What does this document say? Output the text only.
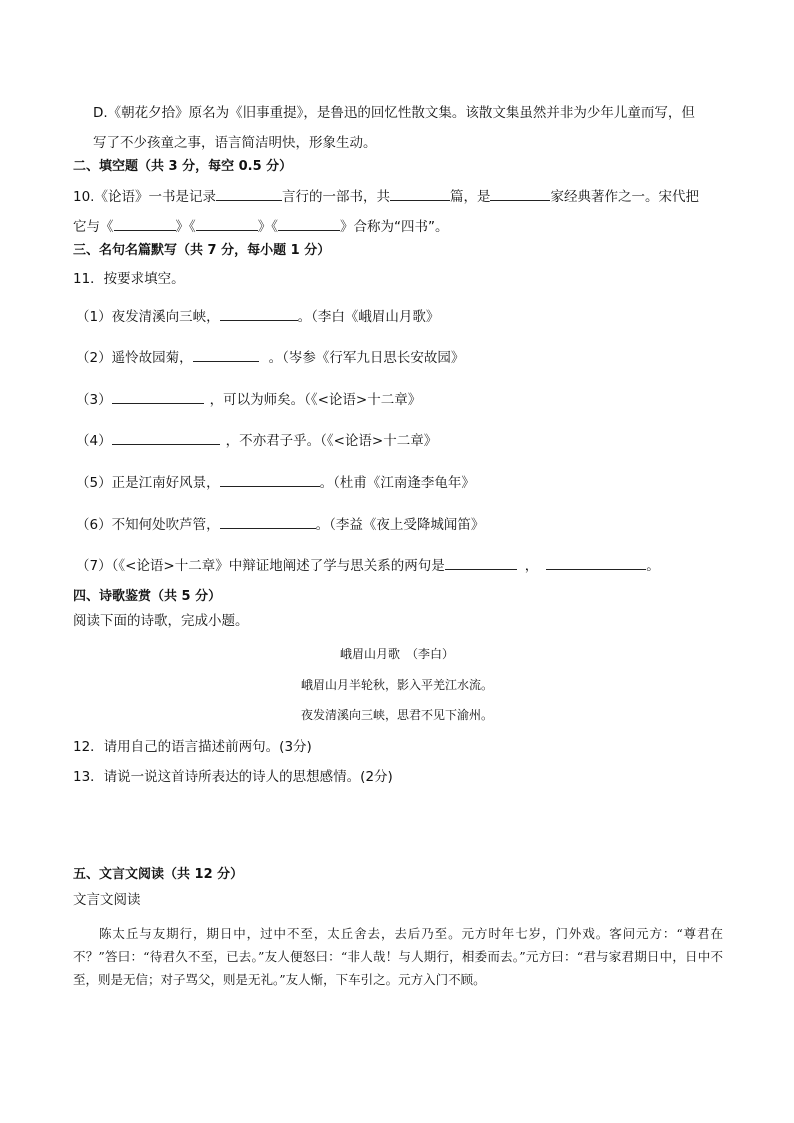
D.《朝花夕拾》原名为《旧事重提》，是鲁迅的回忆性散文集。该散文集虽然并非为少年儿童而写，但
写了不少孩童之事，语言简洁明快，形象生动。
二、填空题（共 3 分，每空 0.5 分）
10.《论语》一书是记录	言行的一部书，共	篇，是	家经典著作之一。宋代把
它与《	》《	》《	》合称为“四书”。
三、名句名篇默写（共 7 分，每小题 1 分）
11．按要求填空。
（1）夜发清溪向三峡，	。（李白《峨眉山月歌》
（2）遥怜故园菊，	。（岑参《行军九日思长安故园》
（3）	，可以为师矣。（《<论语>十二章》
（4）	，不亦君子乎。（《<论语>十二章》
（5）正是江南好风景，	。（杜甫《江南逢李龟年》
（6）不知何处吹芦管，	。（李益《夜上受降城闻笛》
（7）（《<论语>十二章》中辩证地阐述了学与思关系的两句是	，	。
四、诗歌鉴赏（共 5 分）
阅读下面的诗歌，完成小题。
峨眉山月歌　（李白）
峨眉山月半轮秋，影入平羌江水流。
夜发清溪向三峡，思君不见下渝州。
12．请用自己的语言描述前两句。(3分)
13．请说一说这首诗所表达的诗人的思想感情。(2分)
五、文言文阅读（共 12 分）
文言文阅读
陈太丘与友期行，期日中，过中不至，太丘舍去，去后乃至。元方时年七岁，门外戏。客问元方：“尊君在不？”答曰：“待君久不至，已去。”友人便怒曰：“非人哉！与人期行，相委而去。”元方曰：“君与家君期日中，日中不至，则是无信；对子骂父，则是无礼。”友人惭，下车引之。元方入门不顾。
